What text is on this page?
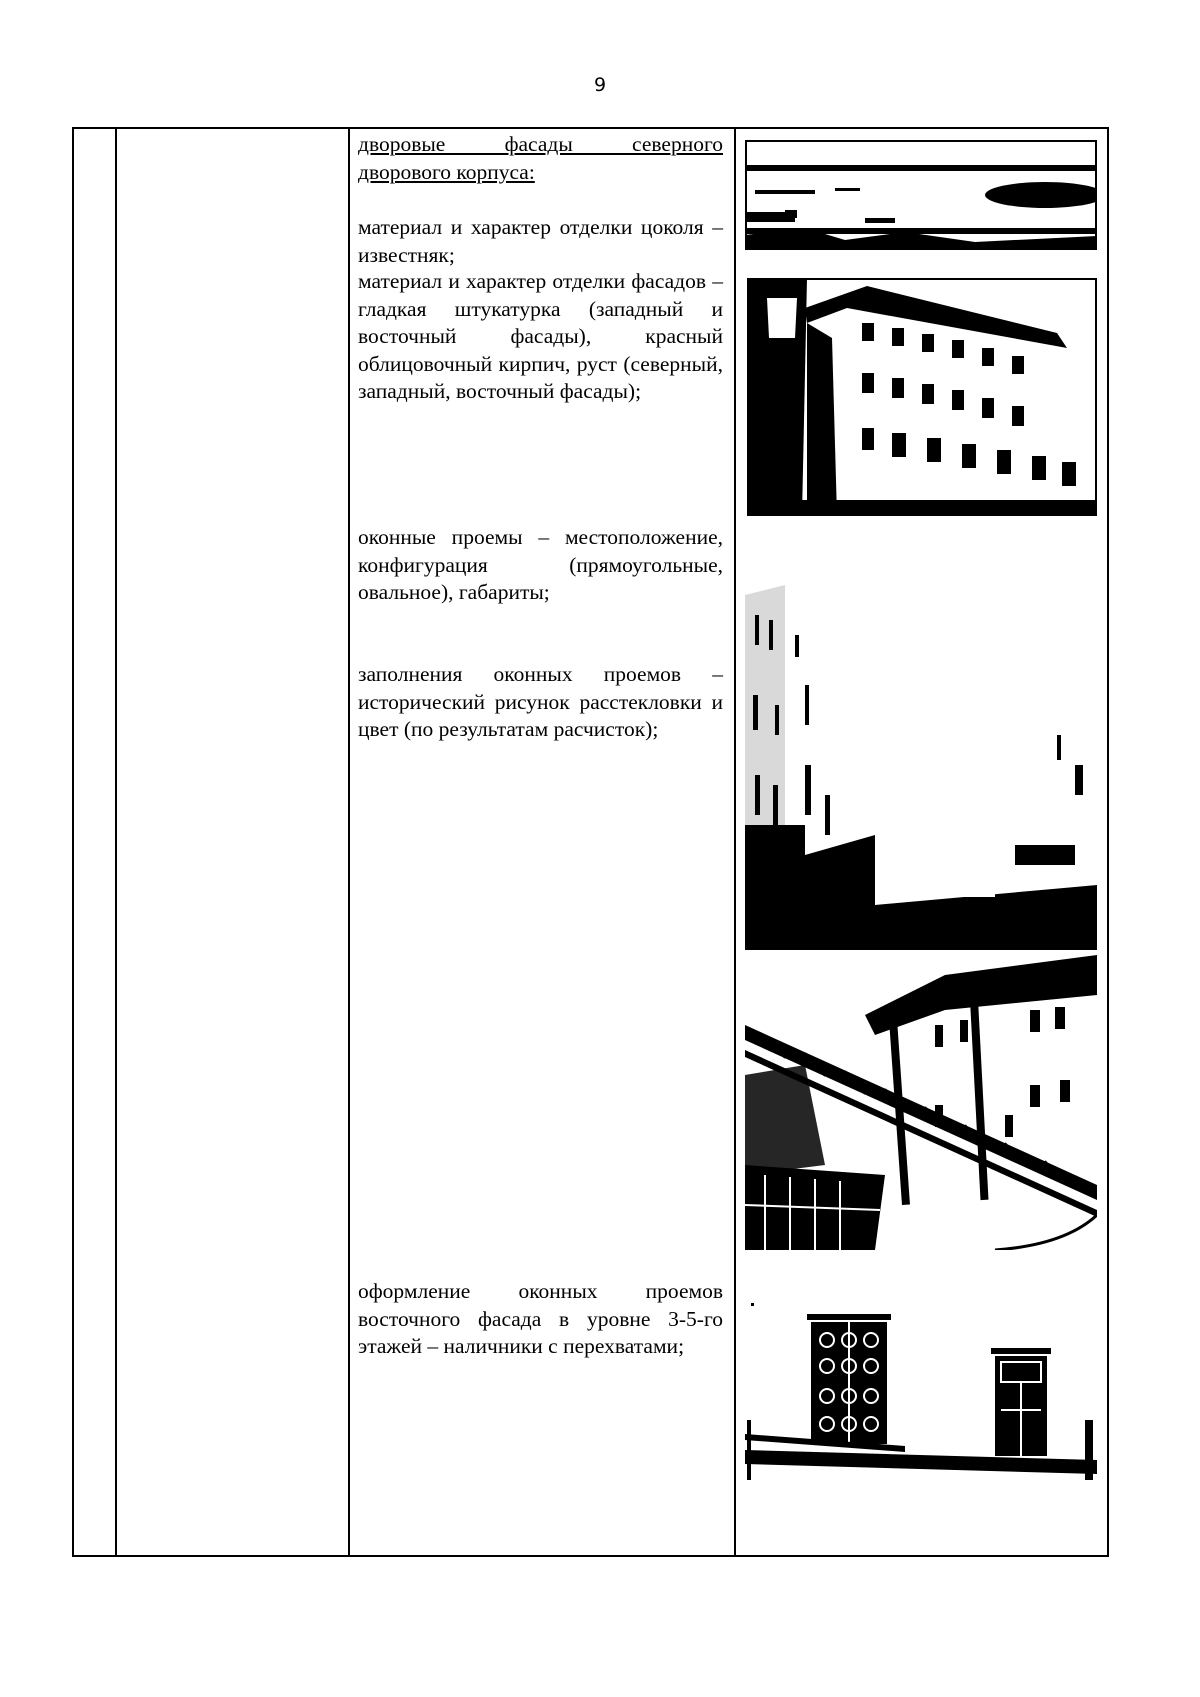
9

дворовые фасады северного

дворового корпуса:

материал и характер отделки цоколя – известняк;
материал и характер отделки фасадов – гладкая штукатурка (западный и восточный фасады), красный облицовочный кирпич, руст (северный, западный, восточный фасады);
оконные проемы – местоположение, конфигурация (прямоугольные, овальное), габариты;
заполнения оконных проемов – исторический рисунок расстекловки и цвет (по результатам расчисток);
оформление оконных проемов восточного фасада в уровне 3-5-го этажей – наличники с перехватами;
